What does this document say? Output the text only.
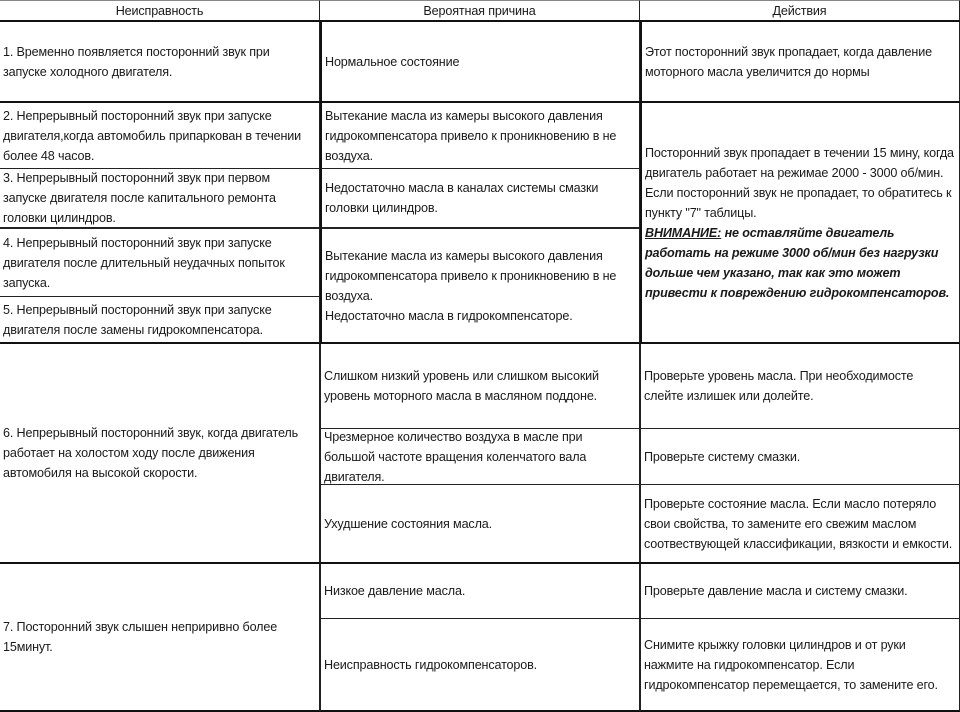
Неисправность	Вероятная причина	Действия
1. Временно появляется посторонний звук при запуске холодного двигателя.
2. Непрерывный посторонний звук при запуске двигателя,когда автомобиль припаркован в течении более 48 часов.
3. Непрерывный посторонний звук при первом запуске двигателя после капитального ремонта головки цилиндров.
4. Непрерывный посторонний звук при запуске двигателя после длительный неудачных попыток запуска.
5. Непрерывный посторонний звук при запуске двигателя после замены гидрокомпенсатора.
6. Непрерывный посторонний звук, когда двигатель работает на холостом ходу после движения автомобиля на высокой скорости.
7. Посторонний звук слышен неприривно более 15минут.
Нормальное состояние
Вытекание масла из камеры высокого давления гидрокомпенсатора привело к проникновению в не воздуха.
Недостаточно масла в каналах системы смазки головки цилиндров.
Вытекание масла из камеры высокого давления гидрокомпенсатора привело к проникновению в не воздуха.
Недостаточно масла в гидрокомпенсаторе.
Слишком низкий уровень или слишком высокий уровень моторного масла в масляном поддоне.
Чрезмерное количество воздуха в масле при большой частоте вращения коленчатого вала двигателя.
Ухудшение состояния масла.
Низкое давление масла.
Неисправность гидрокомпенсаторов.
Этот посторонний звук пропадает, когда давление моторного масла увеличится до нормы
Посторонний звук пропадает в течении 15 мину, когда двигатель работает на режимае 2000 - 3000 об/мин.
Если посторонний звук не пропадает, то обратитесь к пункту "7" таблицы.
ВНИМАНИЕ: не оставляйте двигатель работать на режиме 3000 об/мин без нагрузки дольше чем указано, так как это может привести к повреждению гидрокомпенсаторов.
Проверьте уровень масла. При необходимосте слейте излишек или долейте.
Проверьте систему смазки.
Проверьте состояние масла. Если масло потеряло свои свойства, то замените его свежим маслом соотвествующей классификации, вязкости и емкости.
Проверьте давление масла и систему смазки.
Снимите крыжку головки цилиндров и от руки нажмите на гидрокомпенсатор. Если гидрокомпенсатор перемещается, то замените его.
